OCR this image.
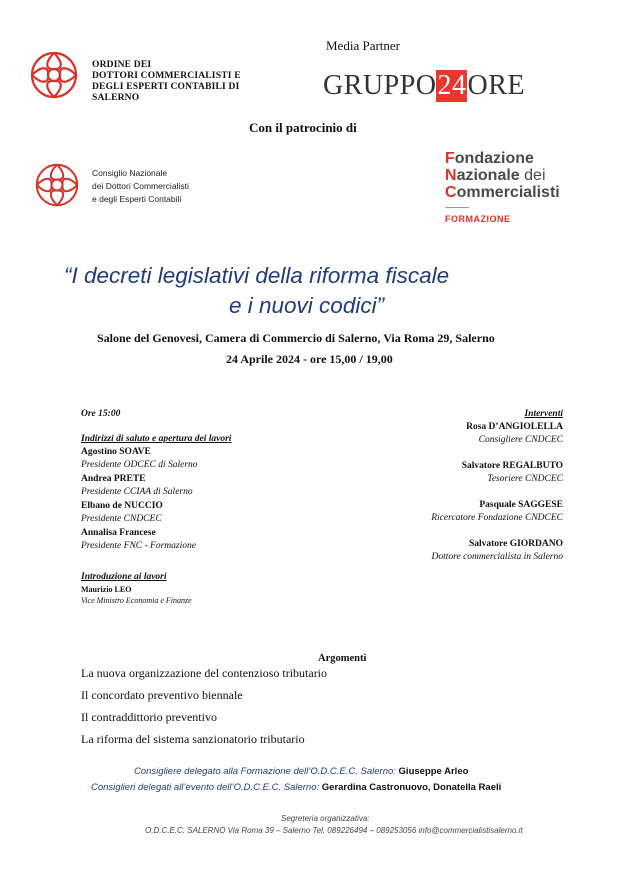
ORDINE DEI
DOTTORI COMMERCIALISTI E
DEGLI ESPERTI CONTABILI DI
SALERNO
Media Partner
GRUPPO24ORE
Con il patrocinio di
Consiglio Nazionale
dei Dottori Commercialisti
e degli Esperti Contabili
Fondazione
Nazionale dei
Commercialisti
FORMAZIONE
“I decreti legislativi della riforma fiscale
e i nuovi codici”
Salone del Genovesi, Camera di Commercio di Salerno, Via Roma 29, Salerno
24 Aprile 2024 - ore 15,00 / 19,00
Ore 15:00
Indirizzi di saluto e apertura dei lavori
Agostino SOAVE
Presidente ODCEC di Salerno
Andrea PRETE
Presidente CCIAA di Salerno
Elbano de NUCCIO
Presidente CNDCEC
Annalisa Francese
Presidente FNC - Formazione
Introduzione ai lavori
Maurizio LEO
Vice Ministro Economia e Finanze
Interventi
Rosa D’ANGIOLELLA
Consigliere CNDCEC
Salvatore REGALBUTO
Tesoriere CNDCEC
Pasquale SAGGESE
Ricercatore Fondazione CNDCEC
Salvatore GIORDANO
Dottore commercialista in Salerno
Argomenti
La nuova organizzazione del contenzioso tributario
Il concordato preventivo biennale
Il contraddittorio preventivo
La riforma del sistema sanzionatorio tributario
Consigliere delegato alla Formazione dell’O.D.C.E.C. Salerno: Giuseppe Arleo
Consiglieri delegati all’evento dell’O.D.C.E.C. Salerno: Gerardina Castronuovo, Donatella Raeli
Segreteria organizzativa:
O.D.C.E.C. SALERNO Via Roma 39 – Salerno Tel. 089226494 – 089253056 info@commercialistisalerno.it
